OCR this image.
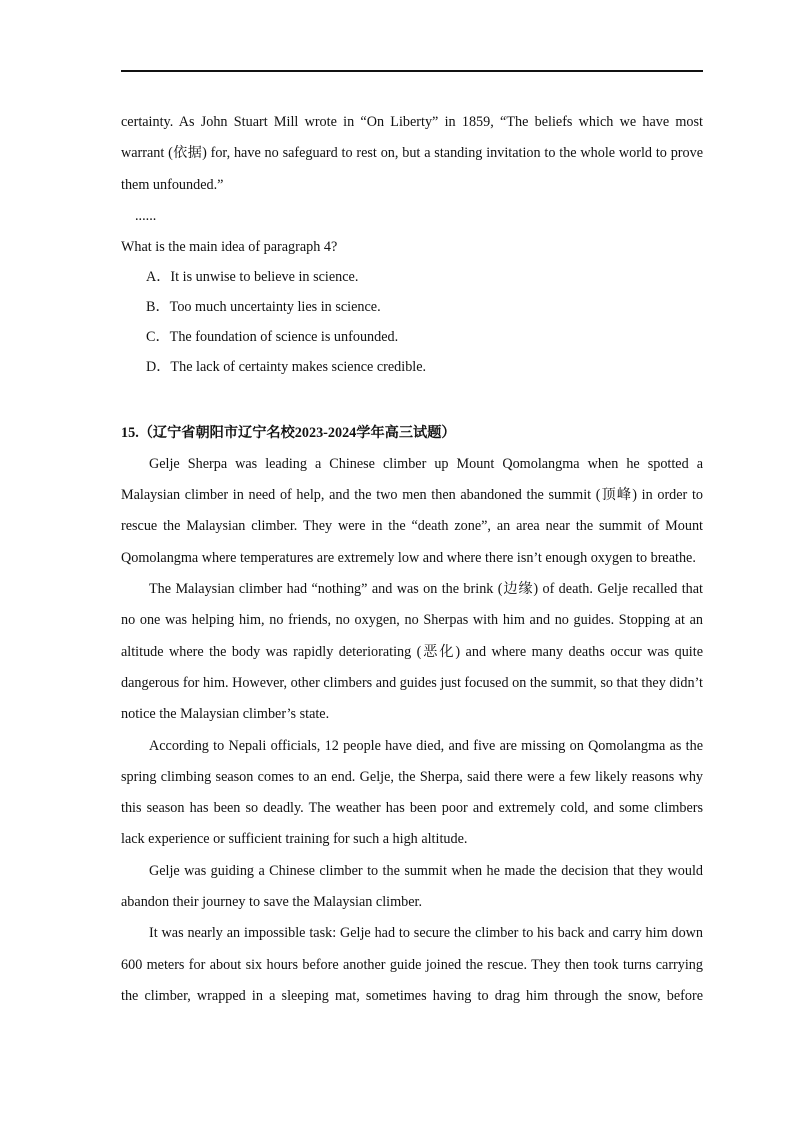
certainty. As John Stuart Mill wrote in “On Liberty” in 1859, “The beliefs which we have most warrant (依据) for, have no safeguard to rest on, but a standing invitation to the whole world to prove them unfounded.”

......

What is the main idea of paragraph 4?

A．It is unwise to believe in science.

B．Too much uncertainty lies in science.

C．The foundation of science is unfounded.

D．The lack of certainty makes science credible.

15.（辽宁省朝阳市辽宁名校2023-2024学年高三试题）

Gelje Sherpa was leading a Chinese climber up Mount Qomolangma when he spotted a Malaysian climber in need of help, and the two men then abandoned the summit (顶峰) in order to rescue the Malaysian climber. They were in the “death zone”, an area near the summit of Mount Qomolangma where temperatures are extremely low and where there isn’t enough oxygen to breathe.

The Malaysian climber had “nothing” and was on the brink (边缘) of death. Gelje recalled that no one was helping him, no friends, no oxygen, no Sherpas with him and no guides. Stopping at an altitude where the body was rapidly deteriorating (恶化) and where many deaths occur was quite dangerous for him. However, other climbers and guides just focused on the summit, so that they didn’t notice the Malaysian climber’s state.

According to Nepali officials, 12 people have died, and five are missing on Qomolangma as the spring climbing season comes to an end. Gelje, the Sherpa, said there were a few likely reasons why this season has been so deadly. The weather has been poor and extremely cold, and some climbers lack experience or sufficient training for such a high altitude.

Gelje was guiding a Chinese climber to the summit when he made the decision that they would abandon their journey to save the Malaysian climber.

It was nearly an impossible task: Gelje had to secure the climber to his back and carry him down 600 meters for about six hours before another guide joined the rescue. They then took turns carrying the climber, wrapped in a sleeping mat, sometimes having to drag him through the snow, before
